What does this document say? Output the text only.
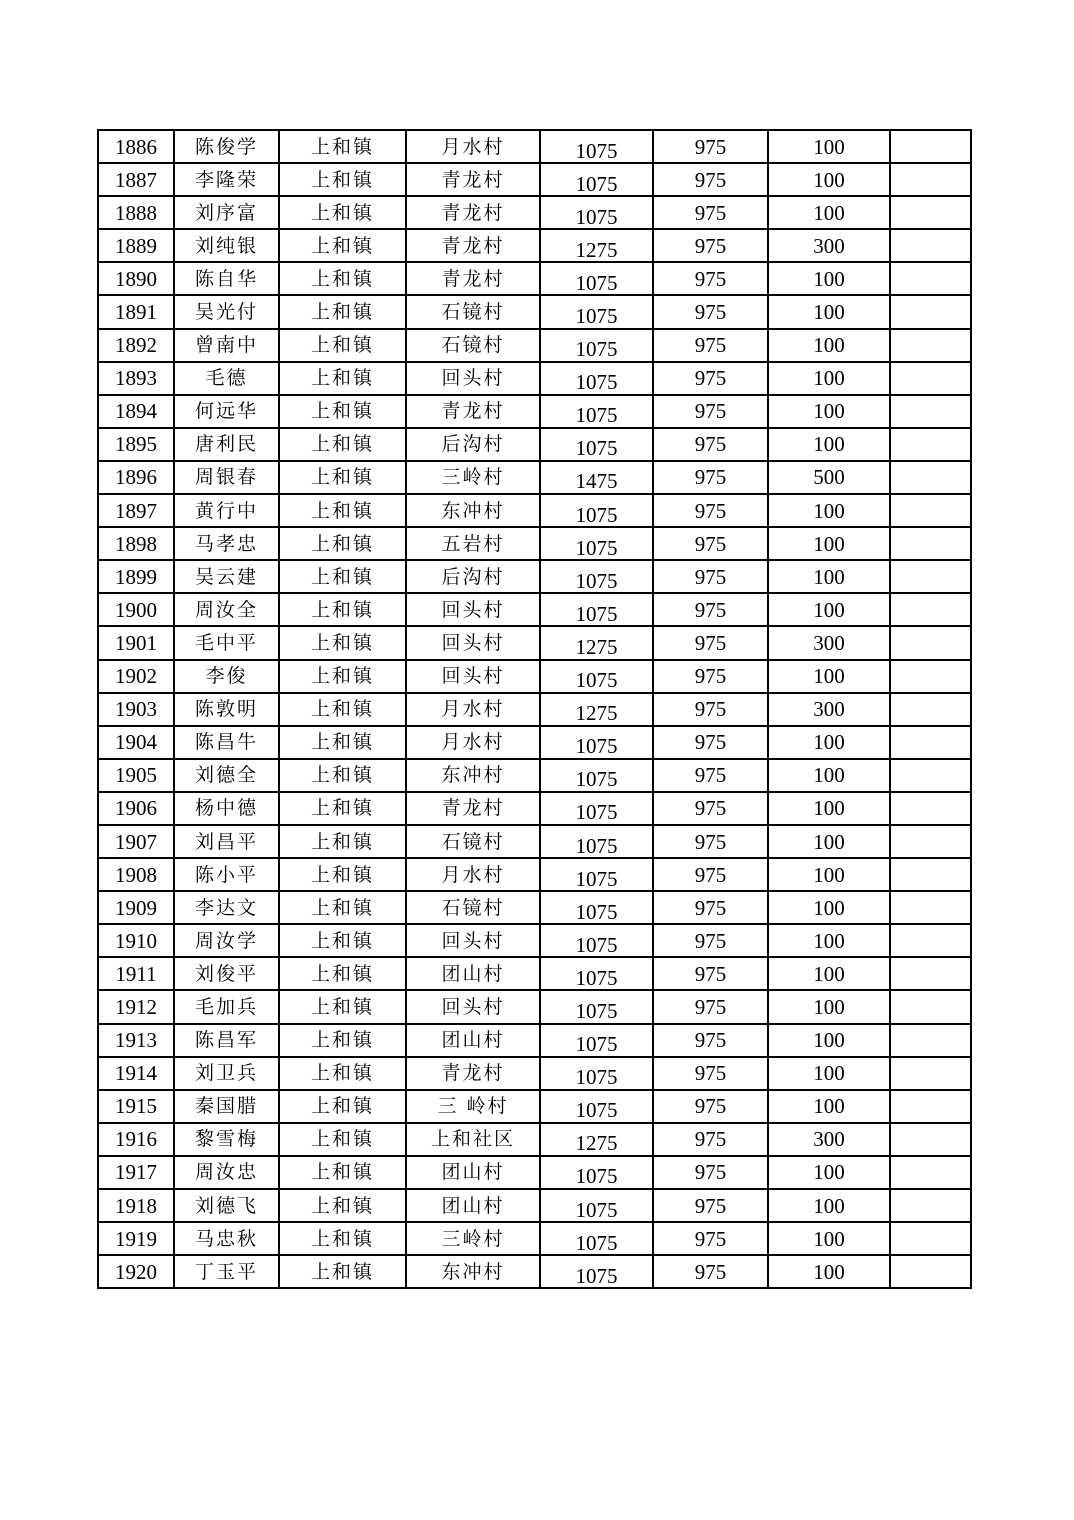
1886	陈俊学	上和镇	月水村	1075	975	100	
1887	李隆荣	上和镇	青龙村	1075	975	100	
1888	刘序富	上和镇	青龙村	1075	975	100	
1889	刘纯银	上和镇	青龙村	1275	975	300	
1890	陈自华	上和镇	青龙村	1075	975	100	
1891	吴光付	上和镇	石镜村	1075	975	100	
1892	曾南中	上和镇	石镜村	1075	975	100	
1893	毛德	上和镇	回头村	1075	975	100	
1894	何远华	上和镇	青龙村	1075	975	100	
1895	唐利民	上和镇	后沟村	1075	975	100	
1896	周银春	上和镇	三岭村	1475	975	500	
1897	黄行中	上和镇	东冲村	1075	975	100	
1898	马孝忠	上和镇	五岩村	1075	975	100	
1899	吴云建	上和镇	后沟村	1075	975	100	
1900	周汝全	上和镇	回头村	1075	975	100	
1901	毛中平	上和镇	回头村	1275	975	300	
1902	李俊	上和镇	回头村	1075	975	100	
1903	陈敦明	上和镇	月水村	1275	975	300	
1904	陈昌牛	上和镇	月水村	1075	975	100	
1905	刘德全	上和镇	东冲村	1075	975	100	
1906	杨中德	上和镇	青龙村	1075	975	100	
1907	刘昌平	上和镇	石镜村	1075	975	100	
1908	陈小平	上和镇	月水村	1075	975	100	
1909	李达文	上和镇	石镜村	1075	975	100	
1910	周汝学	上和镇	回头村	1075	975	100	
1911	刘俊平	上和镇	团山村	1075	975	100	
1912	毛加兵	上和镇	回头村	1075	975	100	
1913	陈昌军	上和镇	团山村	1075	975	100	
1914	刘卫兵	上和镇	青龙村	1075	975	100	
1915	秦国腊	上和镇	三 岭村	1075	975	100	
1916	黎雪梅	上和镇	上和社区	1275	975	300	
1917	周汝忠	上和镇	团山村	1075	975	100	
1918	刘德飞	上和镇	团山村	1075	975	100	
1919	马忠秋	上和镇	三岭村	1075	975	100	
1920	丁玉平	上和镇	东冲村	1075	975	100	
